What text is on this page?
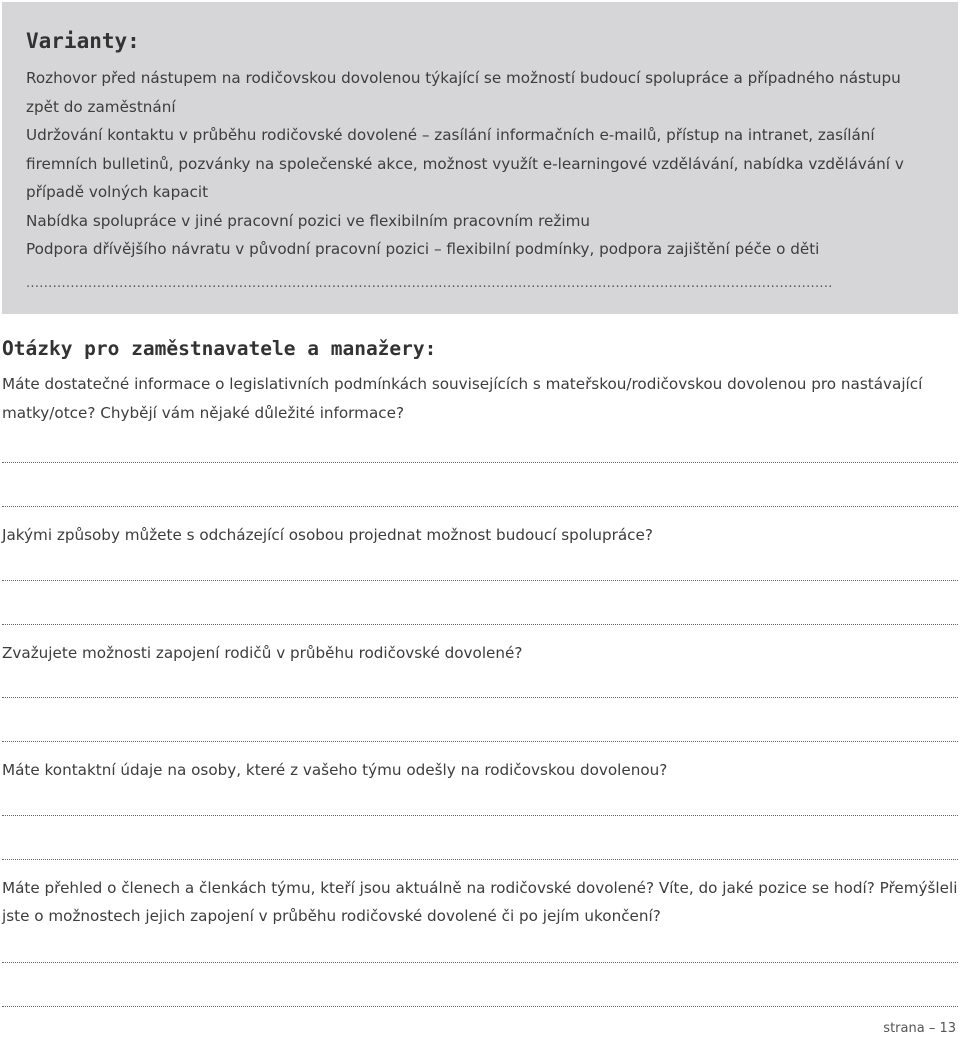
Varianty:
Rozhovor před nástupem na rodičovskou dovolenou týkající se možností budoucí spolupráce a případného nástupu zpět do zaměstnání
Udržování kontaktu v průběhu rodičovské dovolené – zasílání informačních e-mailů, přístup na intranet, zasílání firemních bulletinů, pozvánky na společenské akce, možnost využít e-learningové vzdělávání, nabídka vzdělávání v případě volných kapacit
Nabídka spolupráce v jiné pracovní pozici ve flexibilním pracovním režimu
Podpora dřívějšího návratu v původní pracovní pozici – flexibilní podmínky, podpora zajištění péče o děti
......................................................................................................................................................................................
Otázky pro zaměstnavatele a manažery:
Máte dostatečné informace o legislativních podmínkách souvisejících s mateřskou/rodičovskou dovolenou pro nastávající matky/otce? Chybějí vám nějaké důležité informace?
Jakými způsoby můžete s odcházející osobou projednat možnost budoucí spolupráce?
Zvažujete možnosti zapojení rodičů v průběhu rodičovské dovolené?
Máte kontaktní údaje na osoby, které z vašeho týmu odešly na rodičovskou dovolenou?
Máte přehled o členech a členkách týmu, kteří jsou aktuálně na rodičovské dovolené? Víte, do jaké pozice se hodí? Přemýšleli jste o možnostech jejich zapojení v průběhu rodičovské dovolené či po jejím ukončení?
strana – 13
